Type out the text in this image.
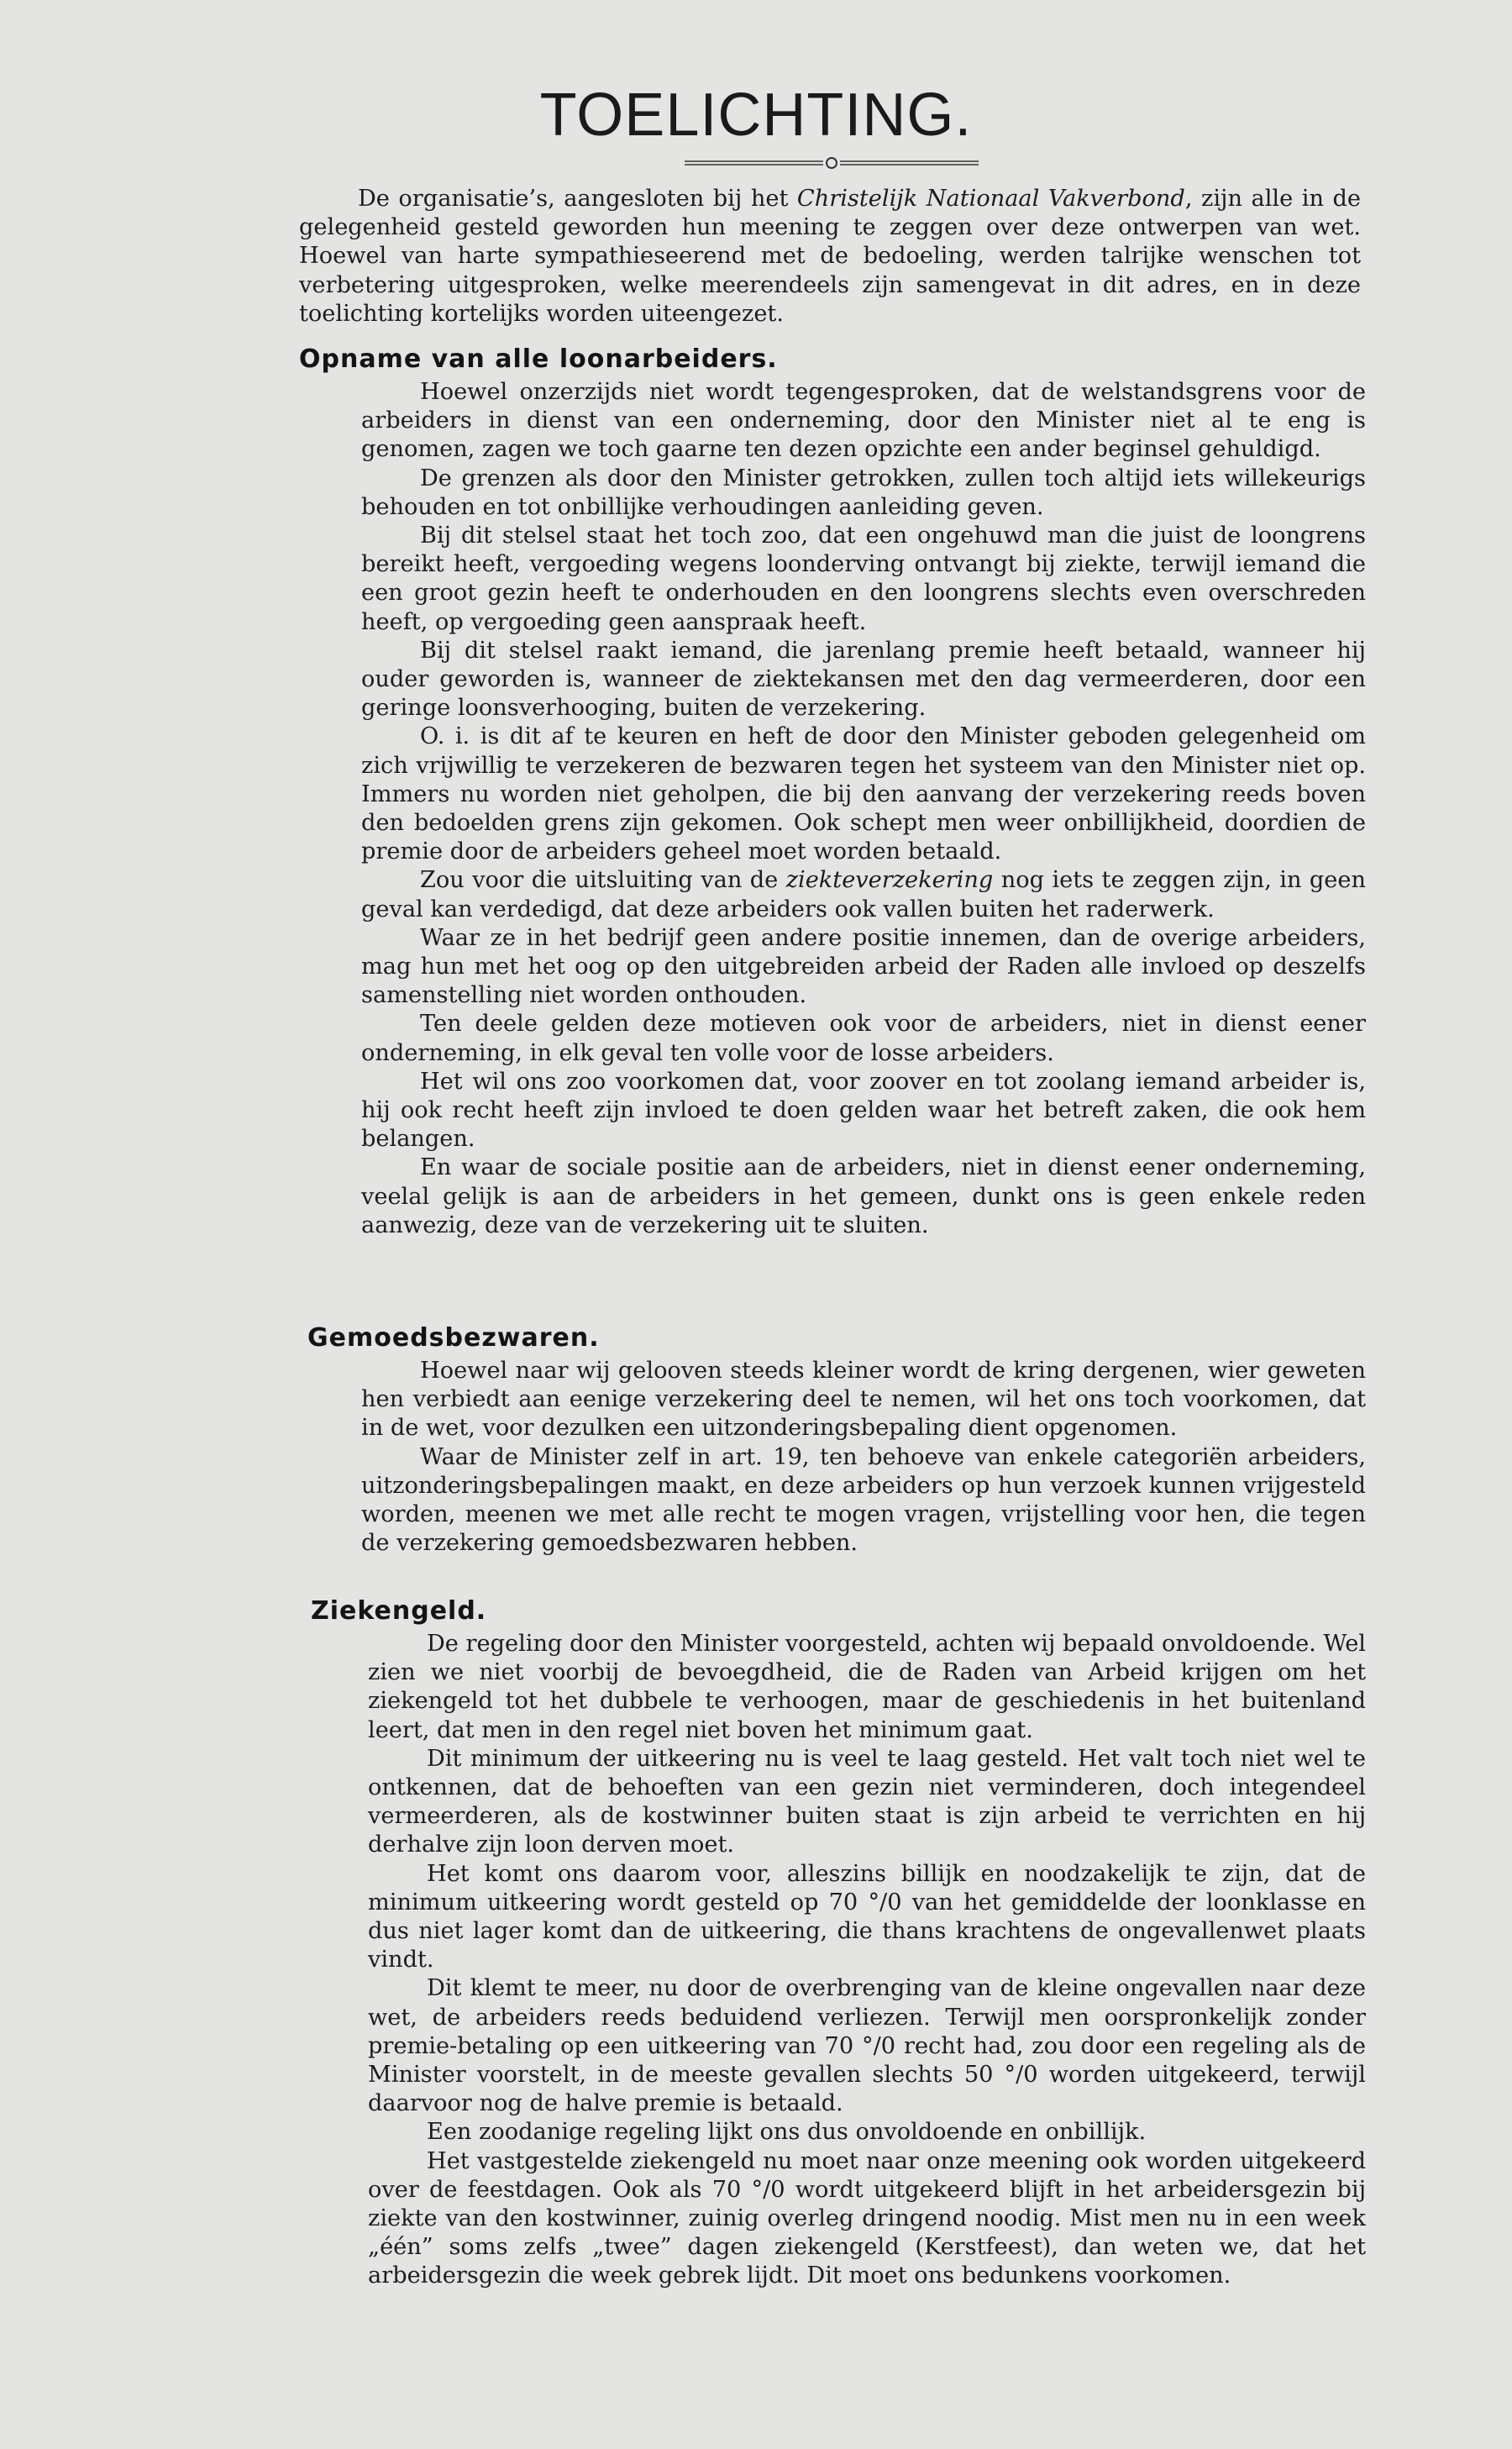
TOELICHTING.

De organisatie’s, aangesloten bij het Christelijk Nationaal Vakverbond, zijn alle in de gelegenheid gesteld geworden hun meening te zeggen over deze ontwerpen van wet. Hoewel van harte sympathieseerend met de bedoeling, werden talrijke wenschen tot verbetering uitgesproken, welke meerendeels zijn samengevat in dit adres, en in deze toelichting kortelijks worden uiteengezet.

Opname van alle loonarbeiders.

Hoewel onzerzijds niet wordt tegengesproken, dat de welstandsgrens voor de arbeiders in dienst van een onderneming, door den Minister niet al te eng is genomen, zagen we toch gaarne ten dezen opzichte een ander beginsel gehuldigd.

De grenzen als door den Minister getrokken, zullen toch altijd iets willekeurigs behouden en tot onbillijke verhoudingen aanleiding geven.

Bij dit stelsel staat het toch zoo, dat een ongehuwd man die juist de loongrens bereikt heeft, vergoeding wegens loonderving ontvangt bij ziekte, terwijl iemand die een groot gezin heeft te onderhouden en den loongrens slechts even overschreden heeft, op vergoeding geen aanspraak heeft.

Bij dit stelsel raakt iemand, die jarenlang premie heeft betaald, wanneer hij ouder geworden is, wanneer de ziektekansen met den dag vermeerderen, door een geringe loonsverhooging, buiten de verzekering.

O. i. is dit af te keuren en heft de door den Minister geboden gelegenheid om zich vrijwillig te verzekeren de bezwaren tegen het systeem van den Minister niet op. Immers nu worden niet geholpen, die bij den aanvang der verzekering reeds boven den bedoelden grens zijn gekomen. Ook schept men weer onbillijkheid, doordien de premie door de arbeiders geheel moet worden betaald.

Zou voor die uitsluiting van de ziekteverzekering nog iets te zeggen zijn, in geen geval kan verdedigd, dat deze arbeiders ook vallen buiten het raderwerk.

Waar ze in het bedrijf geen andere positie innemen, dan de overige arbeiders, mag hun met het oog op den uitgebreiden arbeid der Raden alle invloed op deszelfs samenstelling niet worden onthouden.

Ten deele gelden deze motieven ook voor de arbeiders, niet in dienst eener onderneming, in elk geval ten volle voor de losse arbeiders.

Het wil ons zoo voorkomen dat, voor zoover en tot zoolang iemand arbeider is, hij ook recht heeft zijn invloed te doen gelden waar het betreft zaken, die ook hem belangen.

En waar de sociale positie aan de arbeiders, niet in dienst eener onderneming, veelal gelijk is aan de arbeiders in het gemeen, dunkt ons is geen enkele reden aanwezig, deze van de verzekering uit te sluiten.

Gemoedsbezwaren.

Hoewel naar wij gelooven steeds kleiner wordt de kring dergenen, wier geweten hen verbiedt aan eenige verzekering deel te nemen, wil het ons toch voorkomen, dat in de wet, voor dezulken een uitzonderingsbepaling dient opgenomen.

Waar de Minister zelf in art. 19, ten behoeve van enkele categoriën arbeiders, uitzonderingsbepalingen maakt, en deze arbeiders op hun verzoek kunnen vrijgesteld worden, meenen we met alle recht te mogen vragen, vrijstelling voor hen, die tegen de verzekering gemoedsbezwaren hebben.

Ziekengeld.

De regeling door den Minister voorgesteld, achten wij bepaald onvoldoende. Wel zien we niet voorbij de bevoegdheid, die de Raden van Arbeid krijgen om het ziekengeld tot het dubbele te verhoogen, maar de geschiedenis in het buitenland leert, dat men in den regel niet boven het minimum gaat.

Dit minimum der uitkeering nu is veel te laag gesteld. Het valt toch niet wel te ontkennen, dat de behoeften van een gezin niet verminderen, doch integendeel vermeerderen, als de kostwinner buiten staat is zijn arbeid te verrichten en hij derhalve zijn loon derven moet.

Het komt ons daarom voor, alleszins billijk en noodzakelijk te zijn, dat de minimum uitkeering wordt gesteld op 70 °/0 van het gemiddelde der loonklasse en dus niet lager komt dan de uitkeering, die thans krachtens de ongevallenwet plaats vindt.

Dit klemt te meer, nu door de overbrenging van de kleine ongevallen naar deze wet, de arbeiders reeds beduidend verliezen. Terwijl men oorspronkelijk zonder premie-betaling op een uitkeering van 70 °/0 recht had, zou door een regeling als de Minister voorstelt, in de meeste gevallen slechts 50 °/0 worden uitgekeerd, terwijl daarvoor nog de halve premie is betaald.

Een zoodanige regeling lijkt ons dus onvoldoende en onbillijk.

Het vastgestelde ziekengeld nu moet naar onze meening ook worden uitgekeerd over de feestdagen. Ook als 70 °/0 wordt uitgekeerd blijft in het arbeidersgezin bij ziekte van den kostwinner, zuinig overleg dringend noodig. Mist men nu in een week „één” soms zelfs „twee” dagen ziekengeld (Kerstfeest), dan weten we, dat het arbeidersgezin die week gebrek lijdt. Dit moet ons bedunkens voorkomen.
